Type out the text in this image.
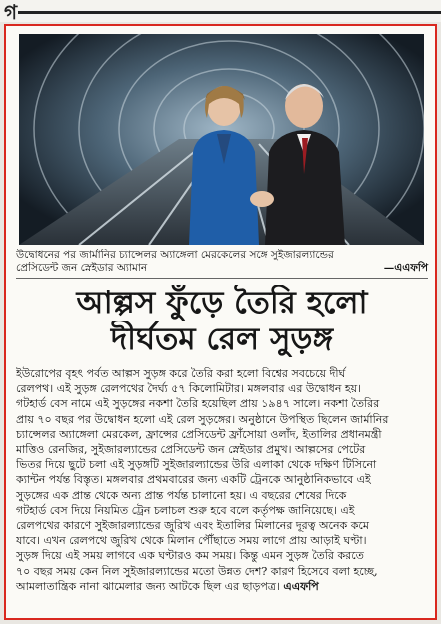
গ
উদ্বোধনের পর জার্মানির চ্যান্সেলর অ্যাঙ্গেলা মেরকেলের সঙ্গে সুইজারল্যান্ডের
প্রেসিডেন্ট জন স্নেইডার অ্যামান	—এএফপি
আল্পস ফুঁড়ে তৈরি হলো
দীর্ঘতম রেল সুড়ঙ্গ
ইউরোপের বৃহৎ পর্বত আল্পস সুড়ঙ্গ করে তৈরি করা হলো বিশ্বের সবচেয়ে দীর্ঘ
রেলপথ। এই সুড়ঙ্গ রেলপথের দৈর্ঘ্য ৫৭ কিলোমিটার। মঙ্গলবার এর উদ্বোধন হয়।
গটহার্ড বেস নামে এই সুড়ঙ্গের নকশা তৈরি হয়েছিল প্রায় ১৯৪৭ সালে। নকশা তৈরির
প্রায় ৭০ বছর পর উদ্বোধন হলো এই রেল সুড়ঙ্গের। অনুষ্ঠানে উপস্থিত ছিলেন জার্মানির
চ্যান্সেলর অ্যাঙ্গেলা মেরকেল, ফ্রান্সের প্রেসিডেন্ট ফ্রাঁসোয়া ওলাঁদ, ইতালির প্রধানমন্ত্রী
মাত্তিও রেনজির, সুইজারল্যান্ডের প্রেসিডেন্ট জন স্নেইডার প্রমুখ। আল্পসের পেটের
ভিতর দিয়ে ছুটে চলা এই সুড়ঙ্গটি সুইজারল্যান্ডের উরি এলাকা থেকে দক্ষিণ টিসিনো
ক্যান্টন পর্যন্ত বিস্তৃত। মঙ্গলবার প্রথমবারের জন্য একটি ট্রেনকে আনুষ্ঠানিকভাবে এই
সুড়ঙ্গের এক প্রান্ত থেকে অন্য প্রান্ত পর্যন্ত চালানো হয়। এ বছরের শেষের দিকে
গটহার্ড বেস দিয়ে নিয়মিত ট্রেন চলাচল শুরু হবে বলে কর্তৃপক্ষ জানিয়েছে। এই
রেলপথের কারণে সুইজারল্যান্ডের জুরিখ এবং ইতালির মিলানের দূরত্ব অনেক কমে
যাবে। এখন রেলপথে জুরিখ থেকে মিলান পৌঁছাতে সময় লাগে প্রায় আড়াই ঘণ্টা।
সুড়ঙ্গ দিয়ে এই সময় লাগবে এক ঘণ্টারও কম সময়। কিন্তু এমন সুড়ঙ্গ তৈরি করতে
৭০ বছর সময় কেন নিল সুইজারল্যান্ডের মতো উন্নত দেশ? কারণ হিসেবে বলা হচ্ছে,
আমলাতান্ত্রিক নানা ঝামেলার জন্য আটকে ছিল এর ছাড়পত্র। এএফপি
